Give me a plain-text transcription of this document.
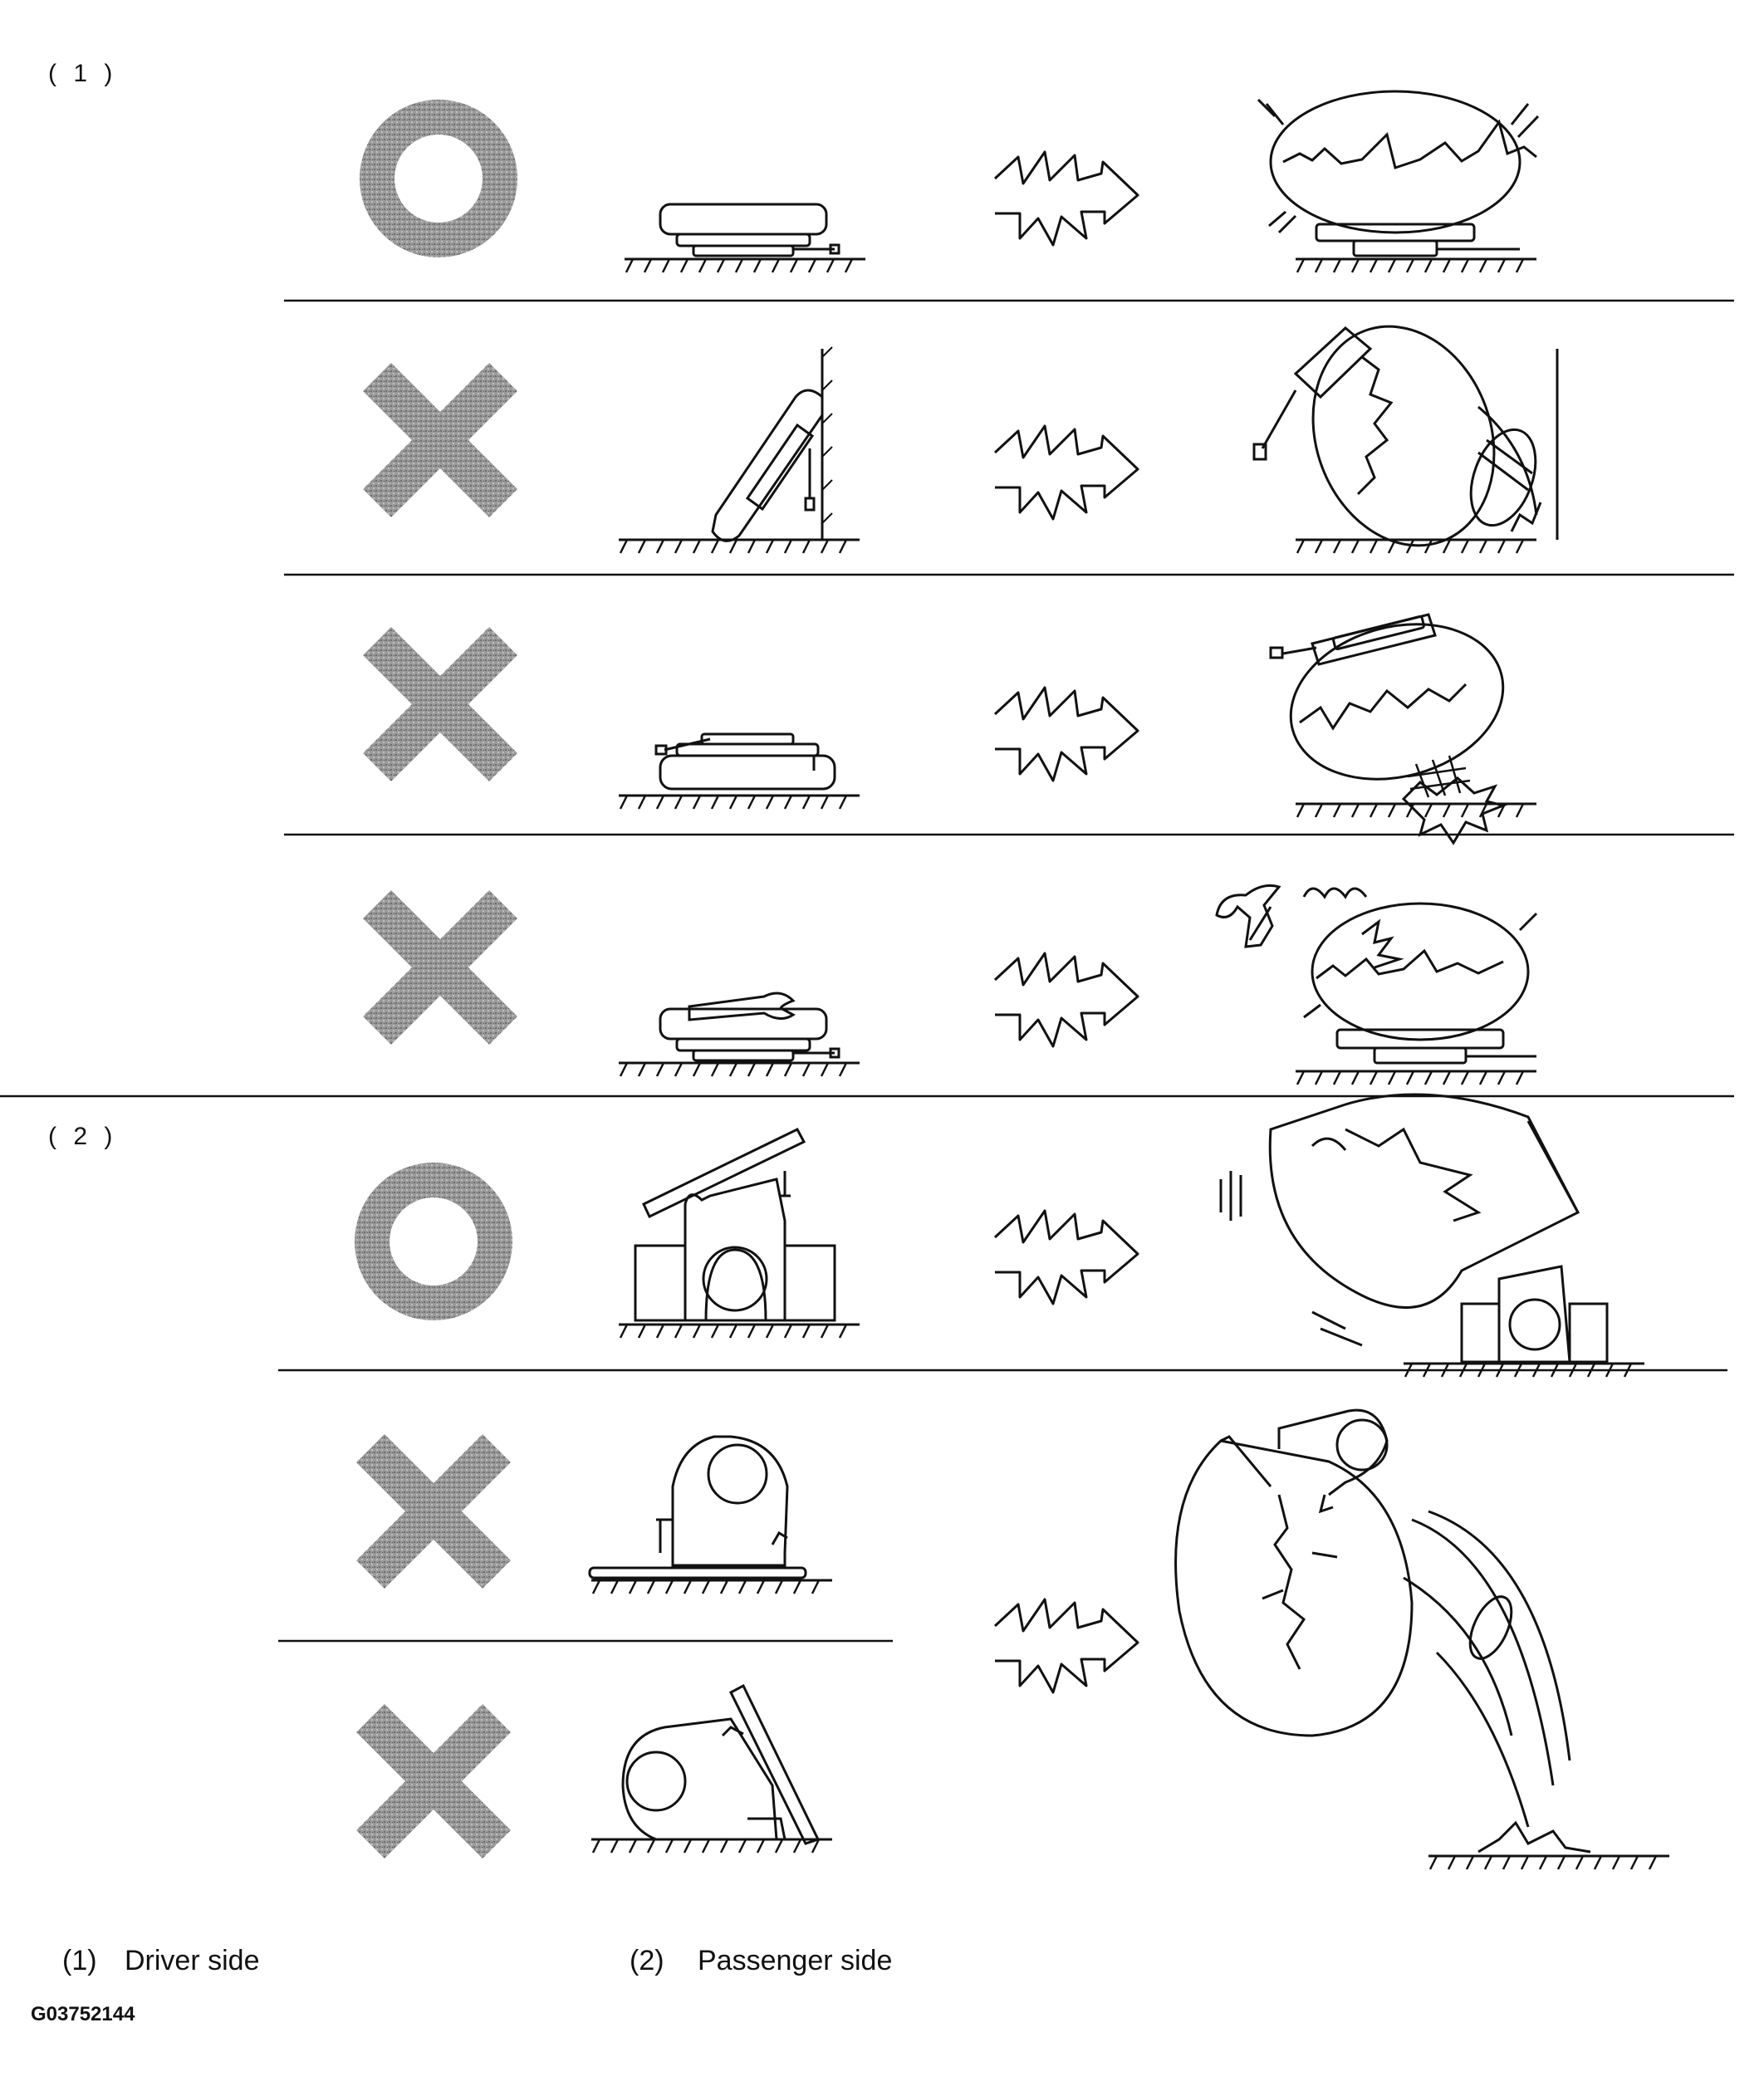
( 1 )
( 2 )
(1) Driver side	(2) Passenger side
G03752144
